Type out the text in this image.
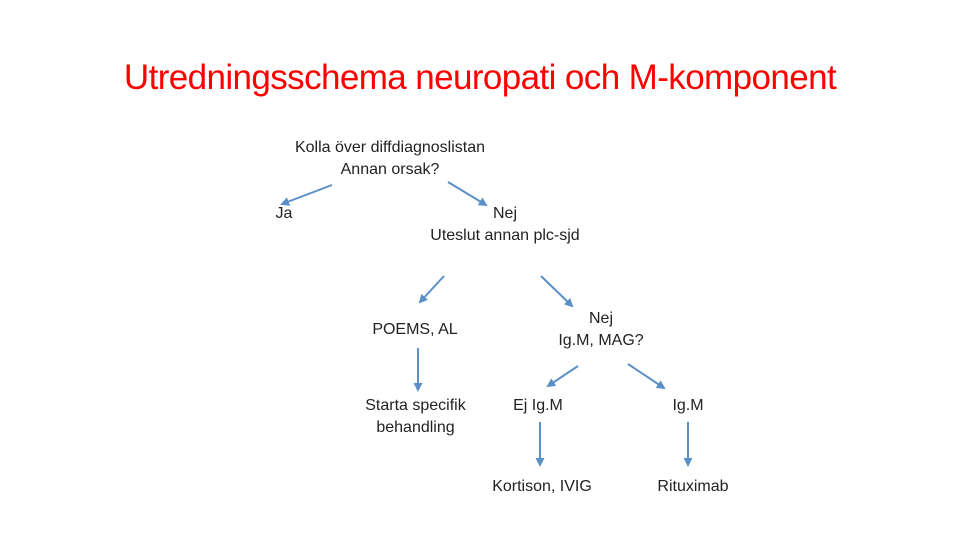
Utredningsschema neuropati och M-komponent
Kolla över diffdiagnoslistan
Annan orsak?
Ja	Nej
Uteslut annan plc-sjd
POEMS, AL
Starta specifik
behandling
Nej
Ig.M, MAG?
Ej Ig.M	Ig.M
Kortison, IVIG	Rituximab
